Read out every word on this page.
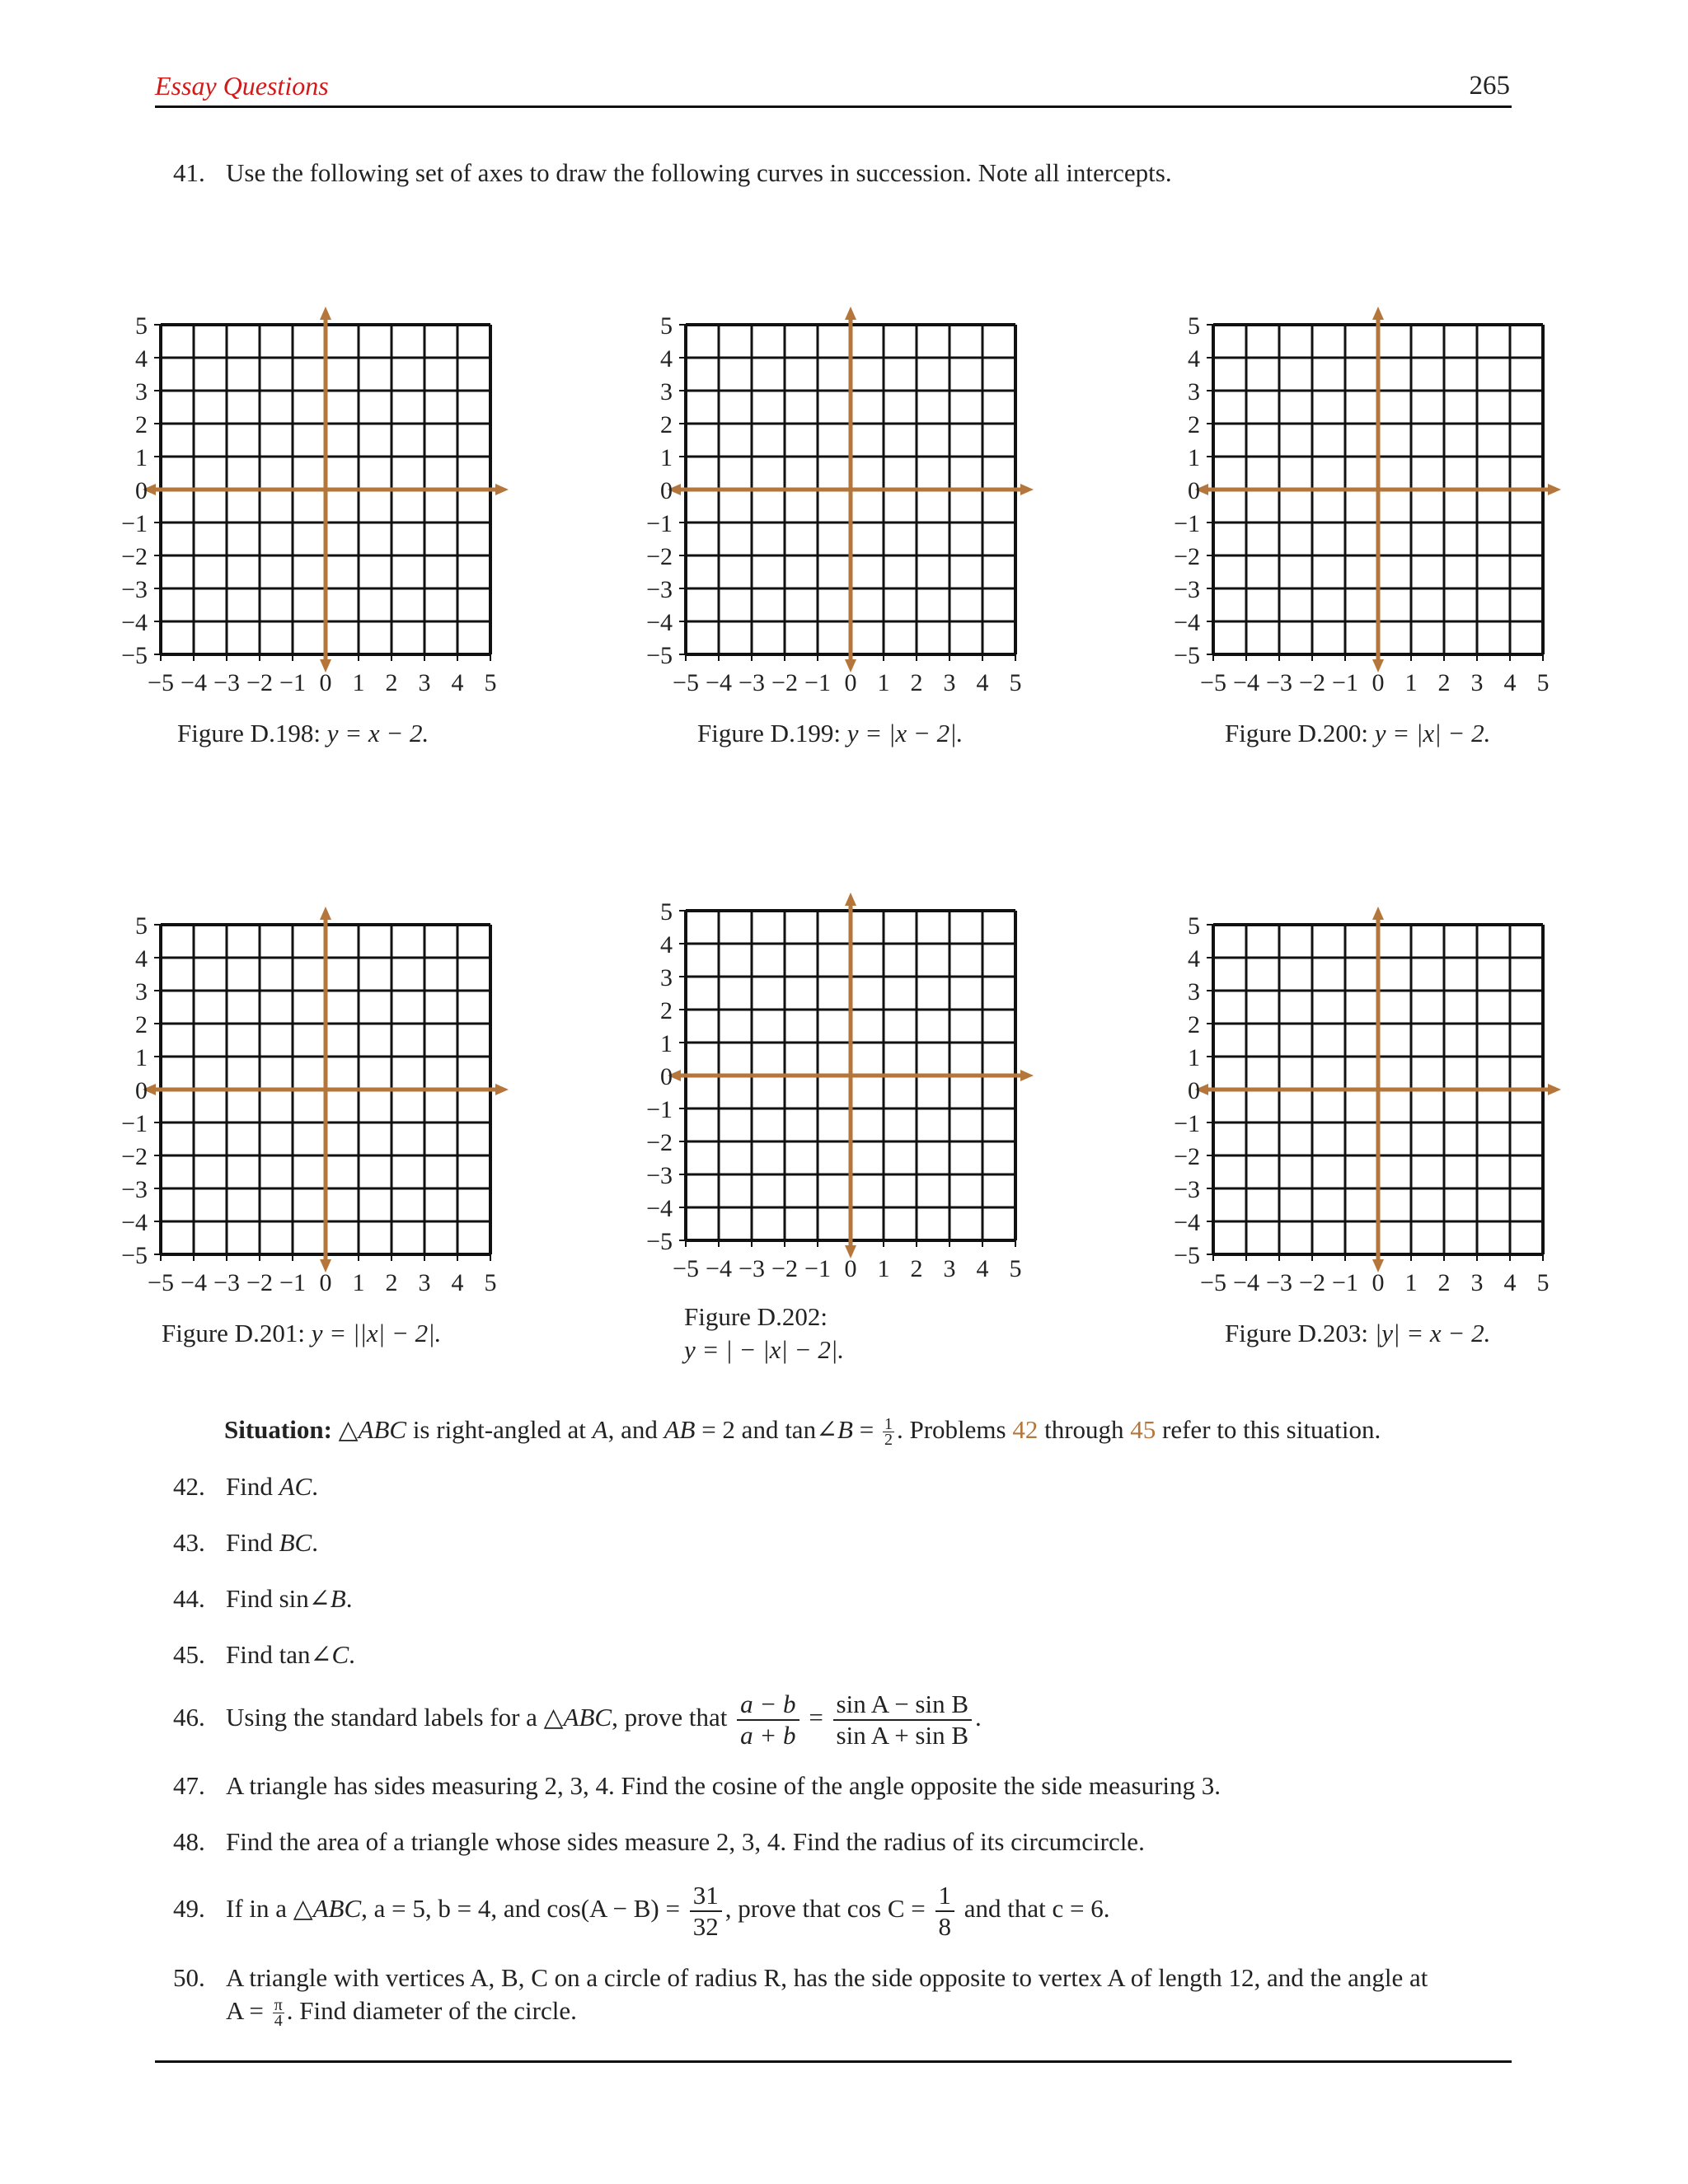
Essay Questions	265
41. Use the following set of axes to draw the following curves in succession. Note all intercepts.
5
4
3
2
1
0
−1
−2
−3
−4
−5
−5 −4 −3 −2 −1 0 1 2 3 4 5
5
4
3
2
1
0
−1
−2
−3
−4
−5
−5 −4 −3 −2 −1 0 1 2 3 4 5
5
4
3
2
1
0
−1
−2
−3
−4
−5
−5 −4 −3 −2 −1 0 1 2 3 4 5
5
4
3
2
1
0
−1
−2
−3
−4
−5
−5 −4 −3 −2 −1 0 1 2 3 4 5
5
4
3
2
1
0
−1
−2
−3
−4
−5
−5 −4 −3 −2 −1 0 1 2 3 4 5
5
4
3
2
1
0
−1
−2
−3
−4
−5
−5 −4 −3 −2 −1 0 1 2 3 4 5
Figure D.198: y = x − 2.	Figure D.199: y = |x − 2|.	Figure D.200: y = |x| − 2.
Figure D.201: y = ||x| − 2|.
Figure D.202:
y = | − |x| − 2|.
Figure D.203: |y| = x − 2.
Situation: △ABC is right-angled at A, and AB = 2 and tan∠B = $\frac{1}{2}$ . Problems 42 through 45 refer to this situation.
42. Find AC.
43. Find BC.
44. Find sin∠B.
45. Find tan∠C.
46. Using the standard labels for a △ABC, prove that $\frac{a - b}{a + b} = \frac{\text{sin A − sin B}}{\text{sin A + sin B}}$ .
47. A triangle has sides measuring 2, 3, 4. Find the cosine of the angle opposite the side measuring 3.
48. Find the area of a triangle whose sides measure 2, 3, 4. Find the radius of its circumcircle.
49. If in a △ABC, a = 5, b = 4, and $\cos(A - B) = \frac{31}{32}$ , prove that $\cos C = \frac{1}{8}$ and that c = 6.
50. A triangle with vertices A, B, C on a circle of radius R, has the side opposite to vertex A of length 12, and the angle at
$A = \frac{\pi}{4}$ . Find diameter of the circle.
